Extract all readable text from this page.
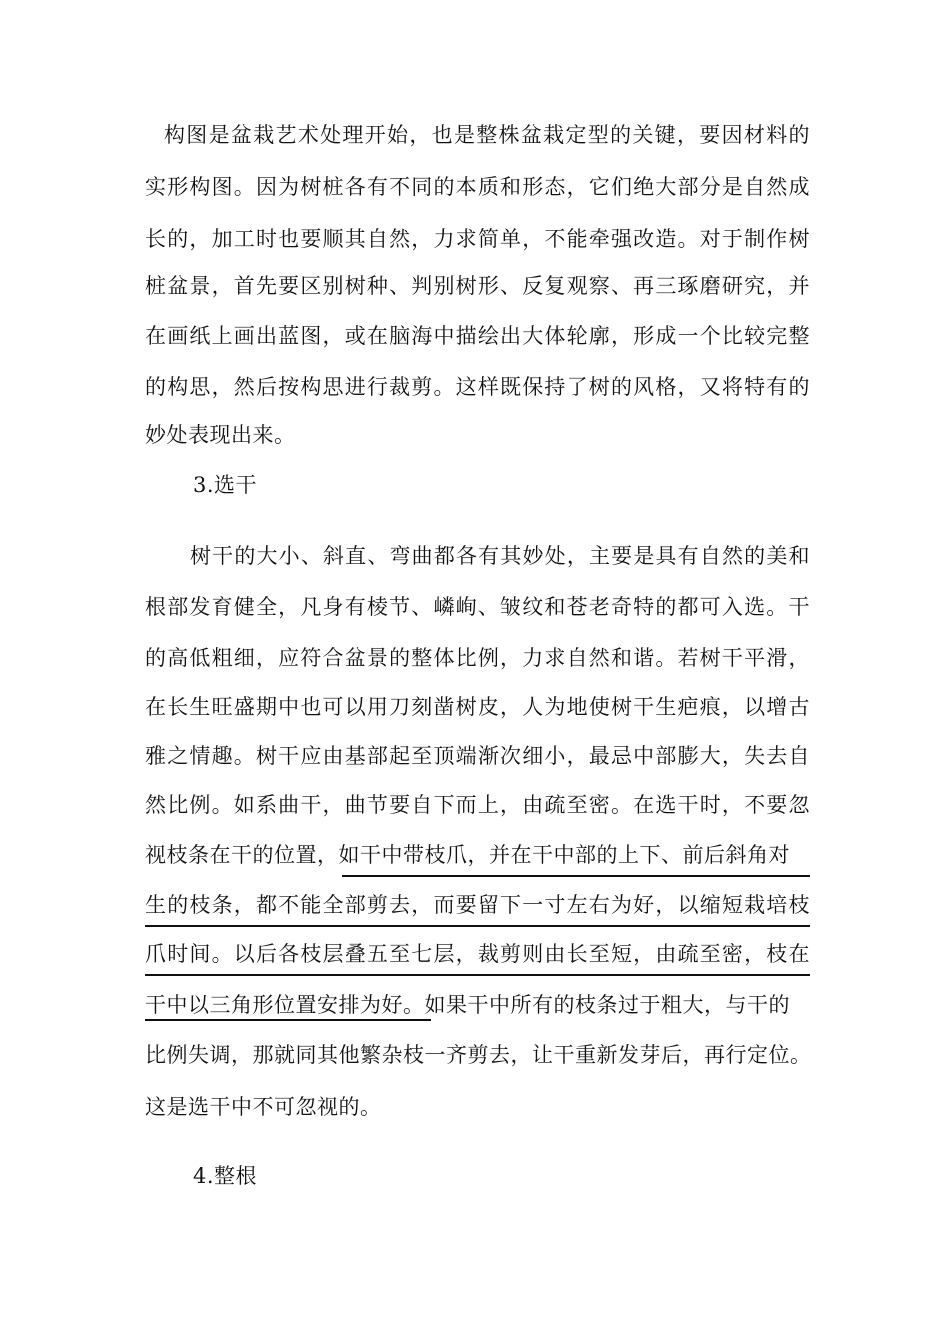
构图是盆栽艺术处理开始，也是整株盆栽定型的关键，要因材料的
实形构图。因为树桩各有不同的本质和形态，它们绝大部分是自然成
长的，加工时也要顺其自然，力求简单，不能牵强改造。对于制作树
桩盆景，首先要区别树种、判别树形、反复观察、再三琢磨研究，并
在画纸上画出蓝图，或在脑海中描绘出大体轮廓，形成一个比较完整
的构思，然后按构思进行裁剪。这样既保持了树的风格，又将特有的
妙处表现出来。
3.选干
树干的大小、斜直、弯曲都各有其妙处，主要是具有自然的美和
根部发育健全，凡身有棱节、嶙峋、皱纹和苍老奇特的都可入选。干
的高低粗细，应符合盆景的整体比例，力求自然和谐。若树干平滑，
在长生旺盛期中也可以用刀刻凿树皮，人为地使树干生疤痕，以增古
雅之情趣。树干应由基部起至顶端渐次细小，最忌中部膨大，失去自
然比例。如系曲干，曲节要自下而上，由疏至密。在选干时，不要忽
视枝条在干的位置，如干中带枝爪，并在干中部的上下、前后斜角对
生的枝条，都不能全部剪去，而要留下一寸左右为好，以缩短栽培枝
爪时间。以后各枝层叠五至七层，裁剪则由长至短，由疏至密，枝在
干中以三角形位置安排为好。如果干中所有的枝条过于粗大，与干的
比例失调，那就同其他繁杂枝一齐剪去，让干重新发芽后，再行定位。
这是选干中不可忽视的。
4.整根
